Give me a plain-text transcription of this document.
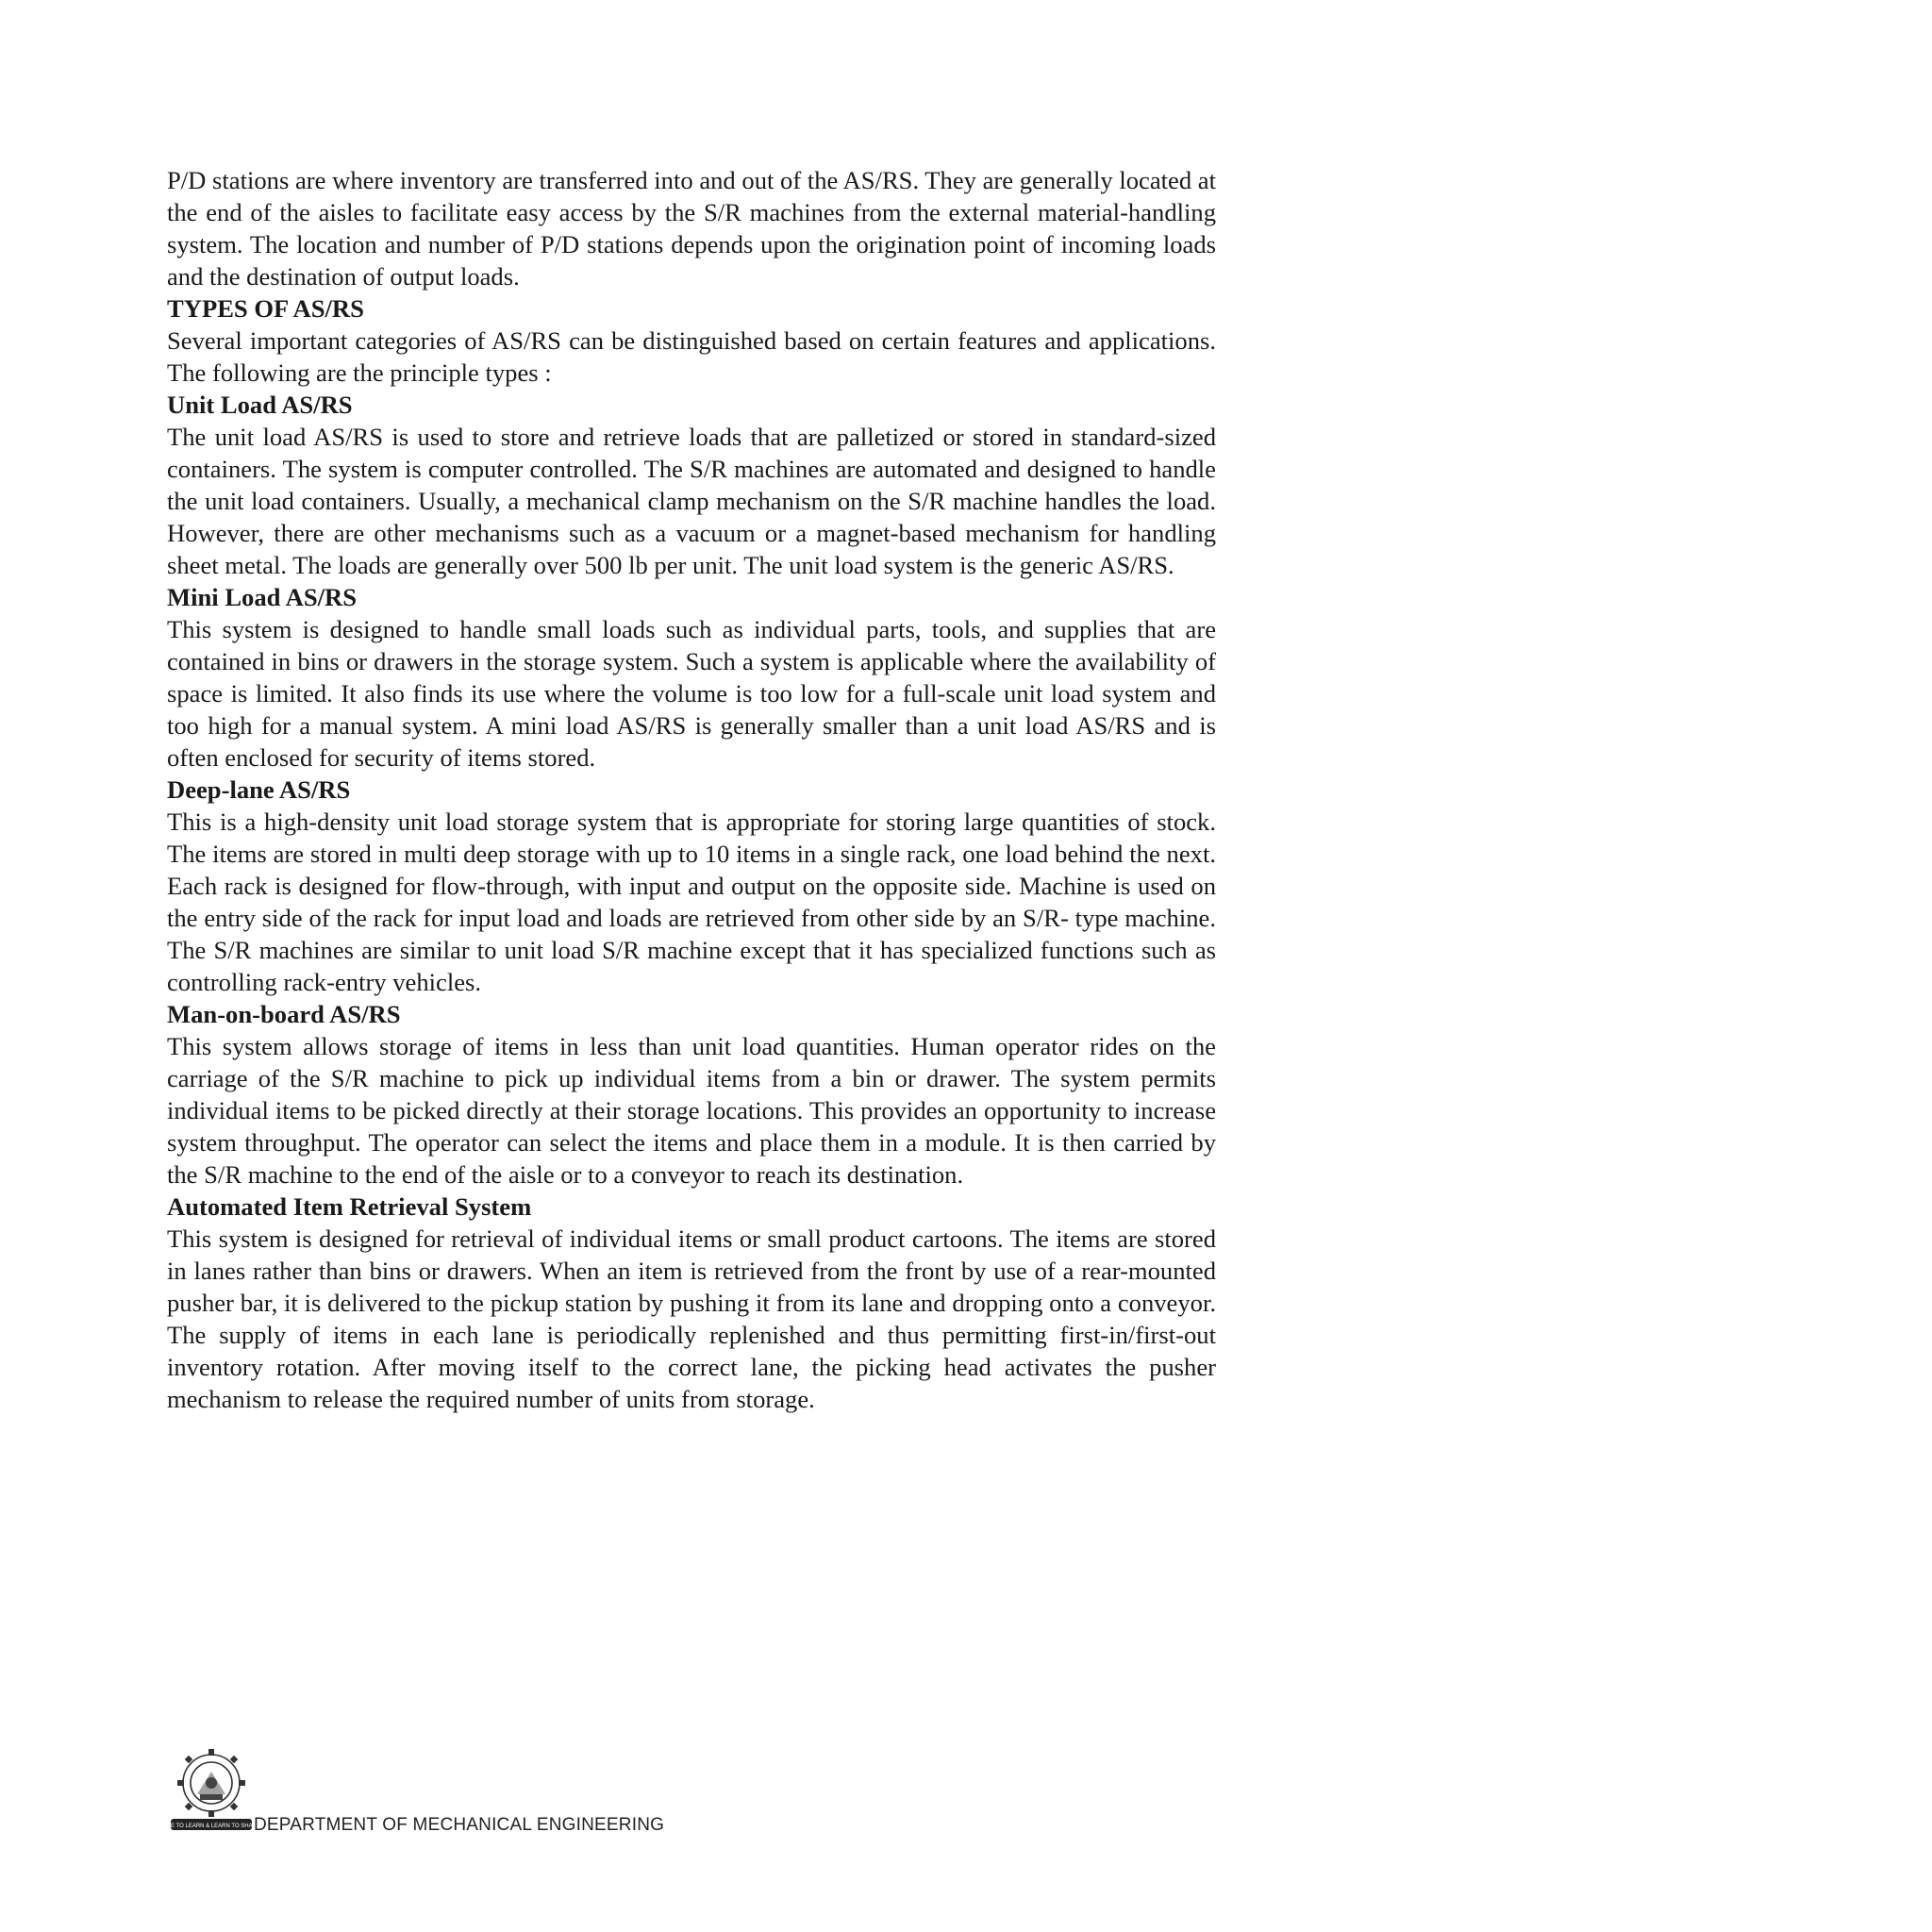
P/D stations are where inventory are transferred into and out of the AS/RS. They are generally located at the end of the aisles to facilitate easy access by the S/R machines from the external material-handling system. The location and number of P/D stations depends upon the origination point of incoming loads and the destination of output loads.

TYPES OF AS/RS

Several important categories of AS/RS can be distinguished based on certain features and applications. The following are the principle types :

Unit Load AS/RS

The unit load AS/RS is used to store and retrieve loads that are palletized or stored in standard-sized containers. The system is computer controlled. The S/R machines are automated and designed to handle the unit load containers. Usually, a mechanical clamp mechanism on the S/R machine handles the load. However, there are other mechanisms such as a vacuum or a magnet-based mechanism for handling sheet metal. The loads are generally over 500 lb per unit. The unit load system is the generic AS/RS.

Mini Load AS/RS

This system is designed to handle small loads such as individual parts, tools, and supplies that are contained in bins or drawers in the storage system. Such a system is applicable where the availability of space is limited. It also finds its use where the volume is too low for a full-scale unit load system and too high for a manual system. A mini load AS/RS is generally smaller than a unit load AS/RS and is often enclosed for security of items stored.

Deep-lane AS/RS

This is a high-density unit load storage system that is appropriate for storing large quantities of stock. The items are stored in multi deep storage with up to 10 items in a single rack, one load behind the next. Each rack is designed for flow-through, with input and output on the opposite side. Machine is used on the entry side of the rack for input load and loads are retrieved from other side by an S/R- type machine. The S/R machines are similar to unit load S/R machine except that it has specialized functions such as controlling rack-entry vehicles.

Man-on-board AS/RS

This system allows storage of items in less than unit load quantities. Human operator rides on the carriage of the S/R machine to pick up individual items from a bin or drawer. The system permits individual items to be picked directly at their storage locations. This provides an opportunity to increase system throughput. The operator can select the items and place them in a module. It is then carried by the S/R machine to the end of the aisle or to a conveyor to reach its destination.

Automated Item Retrieval System

This system is designed for retrieval of individual items or small product cartoons. The items are stored in lanes rather than bins or drawers. When an item is retrieved from the front by use of a rear-mounted pusher bar, it is delivered to the pickup station by pushing it from its lane and dropping onto a conveyor. The supply of items in each lane is periodically replenished and thus permitting first-in/first-out inventory rotation. After moving itself to the correct lane, the picking head activates the pusher mechanism to release the required number of units from storage.

LIVE TO LEARN & LEARN TO SHARE
DEPARTMENT OF MECHANICAL ENGINEERING
